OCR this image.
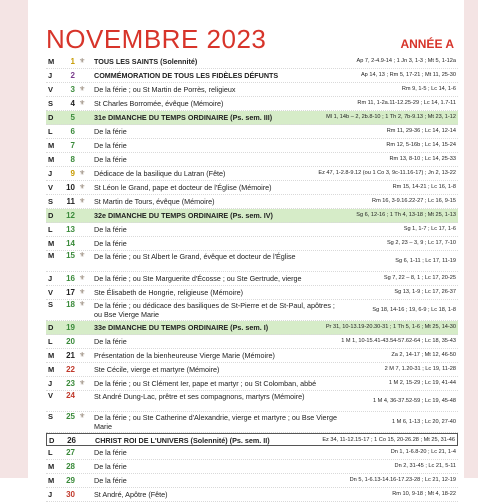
NOVEMBRE 2023	ANNÉE A
M	1 ⚜	TOUS LES SAINTS (Solennité)	Ap 7, 2-4.9-14 ; 1 Jn 3, 1-3 ; Mt 5, 1-12a
J	2	COMMÉMORATION DE TOUS LES FIDÈLES DÉFUNTS	Ap 14, 13 ; Rm 5, 17-21 ; Mt 11, 25-30
V	3 ⚜	De la férie ; ou St Martin de Porrès, religieux	Rm 9, 1-5 ; Lc 14, 1-6
S	4 ⚜	St Charles Borromée, évêque (Mémoire)	Rm 11, 1-2a.11-12.25-29 ; Lc 14, 1.7-11
D	5	31e DIMANCHE DU TEMPS ORDINAIRE (Ps. sem. III)	Ml 1, 14b – 2, 2b.8-10 ; 1 Th 2, 7b-9.13 ; Mt 23, 1-12
L	6	De la férie	Rm 11, 29-36 ; Lc 14, 12-14
M	7	De la férie	Rm 12, 5-16b ; Lc 14, 15-24
M	8	De la férie	Rm 13, 8-10 ; Lc 14, 25-33
J	9 ⚜	Dédicace de la basilique du Latran (Fête)	Ez 47, 1-2.8-9.12 (ou 1 Co 3, 9c-11.16-17) ; Jn 2, 13-22
V	10 ⚜	St Léon le Grand, pape et docteur de l'Église (Mémoire)	Rm 15, 14-21 ; Lc 16, 1-8
S	11 ⚜	St Martin de Tours, évêque (Mémoire)	Rm 16, 3-9.16.22-27 ; Lc 16, 9-15
D	12	32e DIMANCHE DU TEMPS ORDINAIRE (Ps. sem. IV)	Sg 6, 12-16 ; 1 Th 4, 13-18 ; Mt 25, 1-13
L	13	De la férie	Sg 1, 1-7 ; Lc 17, 1-6
M	14	De la férie	Sg 2, 23 – 3, 9 ; Lc 17, 7-10
M	15 ⚜	De la férie ; ou St Albert le Grand, évêque et docteur de l'Église	Sg 6, 1-11 ; Lc 17, 11-19
J	16 ⚜	De la férie ; ou Ste Marguerite d'Écosse ; ou Ste Gertrude, vierge	Sg 7, 22 – 8, 1 ; Lc 17, 20-25
V	17 ⚜	Ste Élisabeth de Hongrie, religieuse (Mémoire)	Sg 13, 1-9 ; Lc 17, 26-37
S	18 ⚜	De la férie ; ou dédicace des basiliques de St-Pierre et de St-Paul, apôtres ; ou Bse Vierge Marie	Sg 18, 14-16 ; 19, 6-9 ; Lc 18, 1-8
D	19	33e DIMANCHE DU TEMPS ORDINAIRE (Ps. sem. I)	Pr 31, 10-13.19-20.30-31 ; 1 Th 5, 1-6 ; Mt 25, 14-30
L	20	De la férie	1 M 1, 10-15.41-43.54-57.62-64 ; Lc 18, 35-43
M	21 ⚜	Présentation de la bienheureuse Vierge Marie (Mémoire)	Za 2, 14-17 ; Mt 12, 46-50
M	22	Ste Cécile, vierge et martyre (Mémoire)	2 M 7, 1.20-31 ; Lc 19, 11-28
J	23 ⚜	De la férie ; ou St Clément Ier, pape et martyr ; ou St Colomban, abbé	1 M 2, 15-29 ; Lc 19, 41-44
V	24	St André Dung-Lac, prêtre et ses compagnons, martyrs (Mémoire)	1 M 4, 36-37.52-59 ; Lc 19, 45-48
S	25 ⚜	De la férie ; ou Ste Catherine d'Alexandrie, vierge et martyre ; ou Bse Vierge Marie	1 M 6, 1-13 ; Lc 20, 27-40
D	26	CHRIST ROI DE L'UNIVERS (Solennité) (Ps. sem. II)	Ez 34, 11-12.15-17 ; 1 Co 15, 20-26.28 ; Mt 25, 31-46
L	27	De la férie	Dn 1, 1-6.8-20 ; Lc 21, 1-4
M	28	De la férie	Dn 2, 31-45 ; Lc 21, 5-11
M	29	De la férie	Dn 5, 1-6.13-14.16-17.23-28 ; Lc 21, 12-19
J	30	St André, Apôtre (Fête)	Rm 10, 9-18 ; Mt 4, 18-22
